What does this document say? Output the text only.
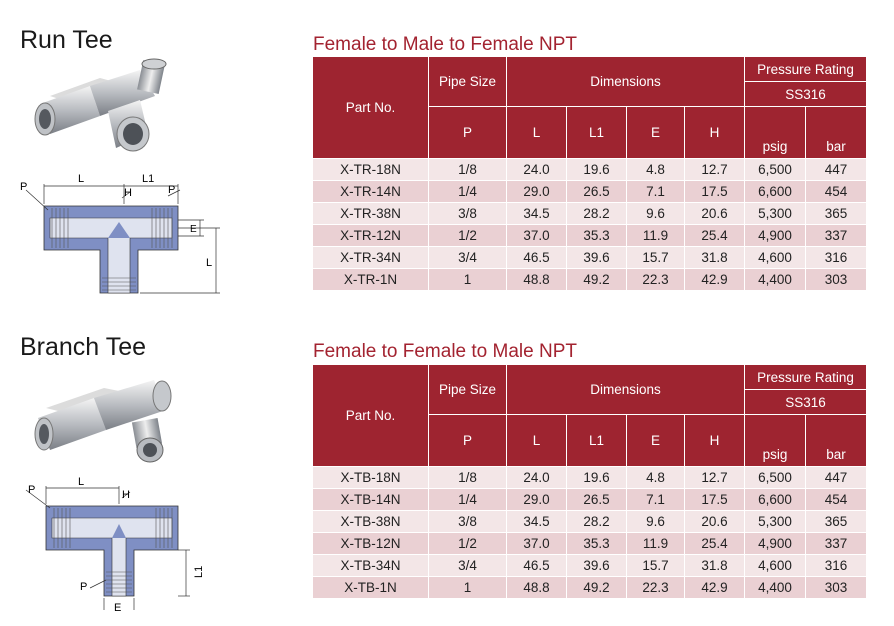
Run Tee
P
L	L1
H	P
E
L
Female to Male to Female NPT
Part No.	Pipe Size	Dimensions				Pressure Rating	
						SS316	
	P	L	L1	E	H	psig	bar
X-TR-18N	1/8	24.0	19.6	4.8	12.7	6,500	447
X-TR-14N	1/4	29.0	26.5	7.1	17.5	6,600	454
X-TR-38N	3/8	34.5	28.2	9.6	20.6	5,300	365
X-TR-12N	1/2	37.0	35.3	11.9	25.4	4,900	337
X-TR-34N	3/4	46.5	39.6	15.7	31.8	4,600	316
X-TR-1N	1	48.8	49.2	22.3	42.9	4,400	303
Branch Tee
P
L
H
L1
P
E
Female to Female to Male NPT
Part No.	Pipe Size	Dimensions				Pressure Rating	
						SS316	
	P	L	L1	E	H	psig	bar
X-TB-18N	1/8	24.0	19.6	4.8	12.7	6,500	447
X-TB-14N	1/4	29.0	26.5	7.1	17.5	6,600	454
X-TB-38N	3/8	34.5	28.2	9.6	20.6	5,300	365
X-TB-12N	1/2	37.0	35.3	11.9	25.4	4,900	337
X-TB-34N	3/4	46.5	39.6	15.7	31.8	4,600	316
X-TB-1N	1	48.8	49.2	22.3	42.9	4,400	303
